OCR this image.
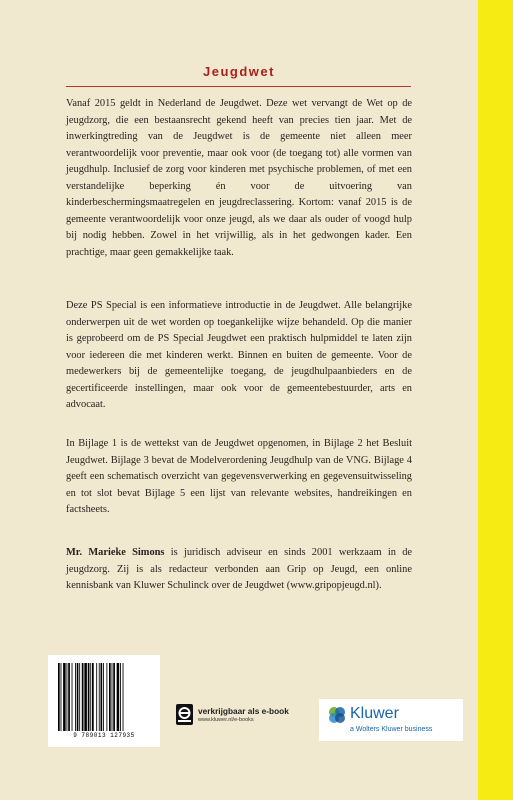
Jeugdwet
Vanaf 2015 geldt in Nederland de Jeugdwet. Deze wet vervangt de Wet op de jeugdzorg, die een bestaansrecht gekend heeft van precies tien jaar. Met de inwerkingtreding van de Jeugdwet is de gemeente niet alleen meer verantwoordelijk voor preventie, maar ook voor (de toegang tot) alle vormen van jeugdhulp. Inclusief de zorg voor kinderen met psychische problemen, of met een verstandelijke beperking én voor de uitvoering van kinderbeschermingsmaatregelen en jeugdreclassering. Kortom: vanaf 2015 is de gemeente verantwoordelijk voor onze jeugd, als we daar als ouder of voogd hulp bij nodig hebben. Zowel in het vrijwillig, als in het gedwongen kader. Een prachtige, maar geen gemakkelijke taak.
Deze PS Special is een informatieve introductie in de Jeugdwet. Alle belangrijke onderwerpen uit de wet worden op toegankelijke wijze behandeld. Op die manier is geprobeerd om de PS Special Jeugdwet een praktisch hulpmiddel te laten zijn voor iedereen die met kinderen werkt. Binnen en buiten de gemeente. Voor de medewerkers bij de gemeentelijke toegang, de jeugdhulpaanbieders en de gecertificeerde instellingen, maar ook voor de gemeentebestuurder, arts en advocaat.
In Bijlage 1 is de wettekst van de Jeugdwet opgenomen, in Bijlage 2 het Besluit Jeugdwet. Bijlage 3 bevat de Modelverordening Jeugdhulp van de VNG. Bijlage 4 geeft een schematisch overzicht van gegevensverwerking en gegevensuitwisseling en tot slot bevat Bijlage 5 een lijst van relevante websites, handreikingen en factsheets.
Mr. Marieke Simons is juridisch adviseur en sinds 2001 werkzaam in de jeugdzorg. Zij is als redacteur verbonden aan Grip op Jeugd, een online kennisbank van Kluwer Schulinck over de Jeugdwet (www.gripopjeugd.nl).
9 789013 127935
verkrijgbaar als e-book
www.kluwer.nl/e-books	Kluwer
a Wolters Kluwer business
